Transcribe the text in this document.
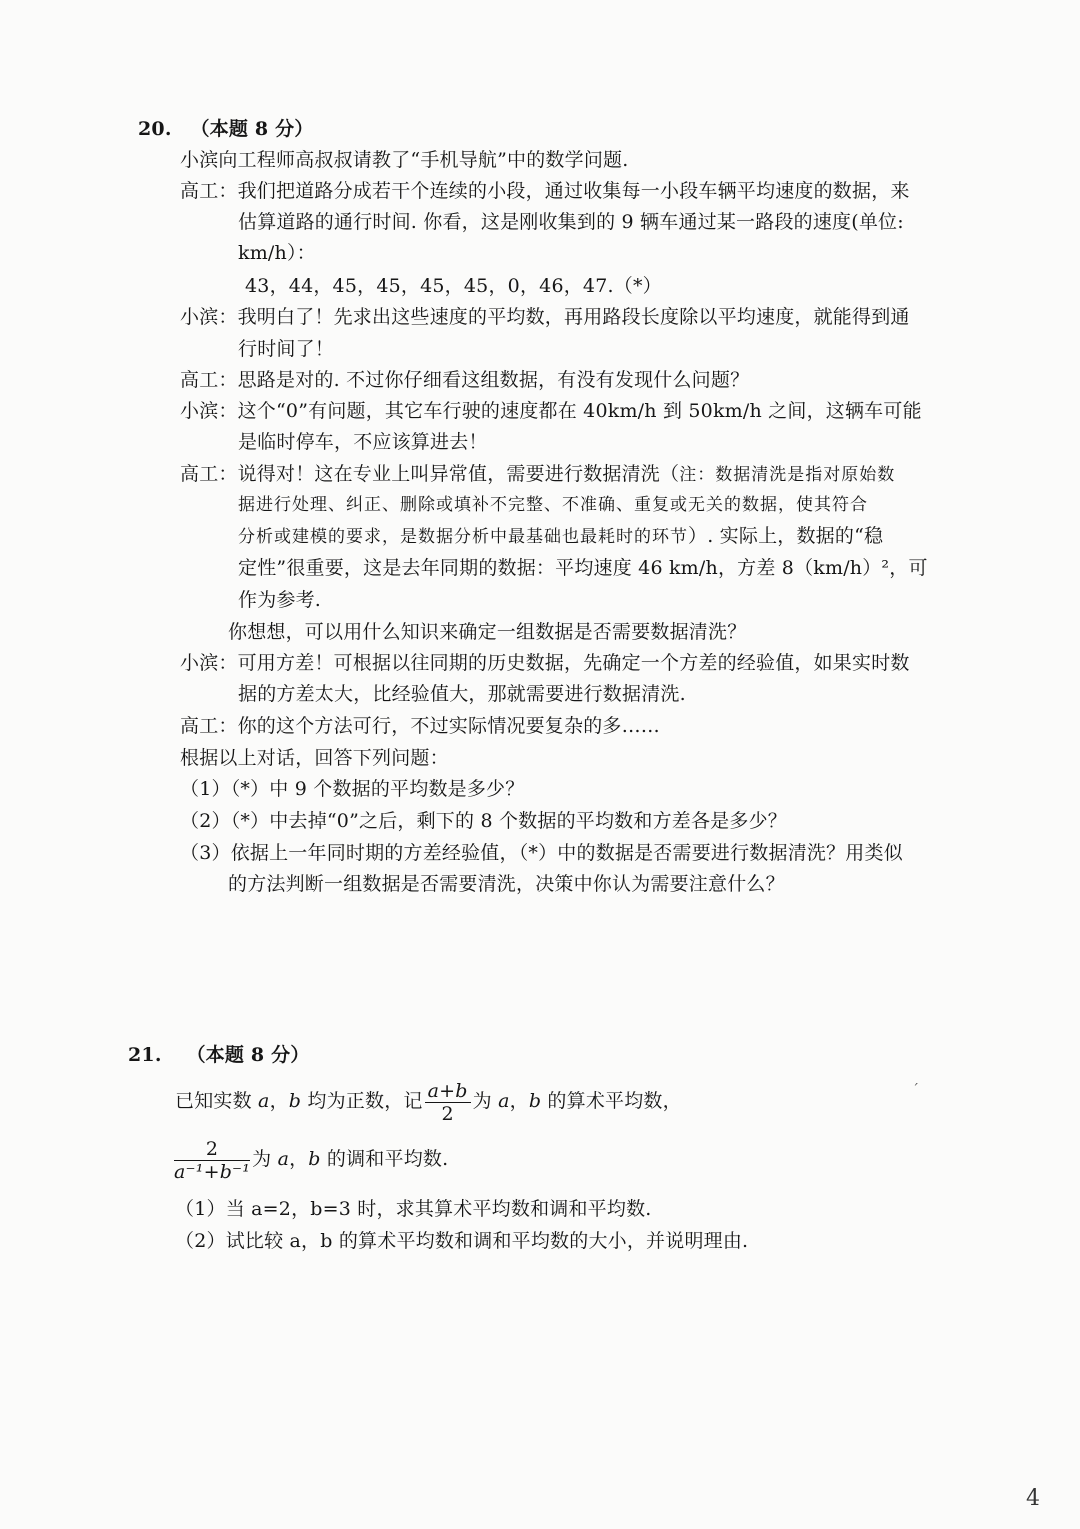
20. （本题 8 分）
小滨向工程师高叔叔请教了“手机导航”中的数学问题.
高工：我们把道路分成若干个连续的小段，通过收集每一小段车辆平均速度的数据，来
估算道路的通行时间. 你看，这是刚收集到的 9 辆车通过某一路段的速度(单位:
km/h）：
43，44，45，45，45，45，0，46，47.（*）
小滨：我明白了！先求出这些速度的平均数，再用路段长度除以平均速度，就能得到通
行时间了！
高工：思路是对的. 不过你仔细看这组数据，有没有发现什么问题？
小滨：这个“0”有问题，其它车行驶的速度都在 40km/h 到 50km/h 之间，这辆车可能
是临时停车，不应该算进去！
高工：说得对！这在专业上叫异常值，需要进行数据清洗（注：数据清洗是指对原始数
据进行处理、纠正、删除或填补不完整、不准确、重复或无关的数据，使其符合
分析或建模的要求，是数据分析中最基础也最耗时的环节）. 实际上，数据的“稳
定性”很重要，这是去年同期的数据：平均速度 46 km/h，方差 8（km/h）²，可
作为参考.
你想想，可以用什么知识来确定一组数据是否需要数据清洗？
小滨：可用方差！可根据以往同期的历史数据，先确定一个方差的经验值，如果实时数
据的方差太大，比经验值大，那就需要进行数据清洗.
高工：你的这个方法可行，不过实际情况要复杂的多……
根据以上对话，回答下列问题：
（1）（*）中 9 个数据的平均数是多少？
（2）（*）中去掉“0”之后，剩下的 8 个数据的平均数和方差各是多少？
（3）依据上一年同时期的方差经验值，（*）中的数据是否需要进行数据清洗？用类似
的方法判断一组数据是否需要清洗，决策中你认为需要注意什么？
21. （本题 8 分）
已知实数 a，b 均为正数，记 $\frac{a+b}{2}$ 为 a，b 的算术平均数，
$\frac{2}{\text{a⁻¹+b⁻¹}}$ 为 a，b 的调和平均数.
（1）当 a=2，b=3 时，求其算术平均数和调和平均数.
（2）试比较 a，b 的算术平均数和调和平均数的大小，并说明理由.
ˊ
4
